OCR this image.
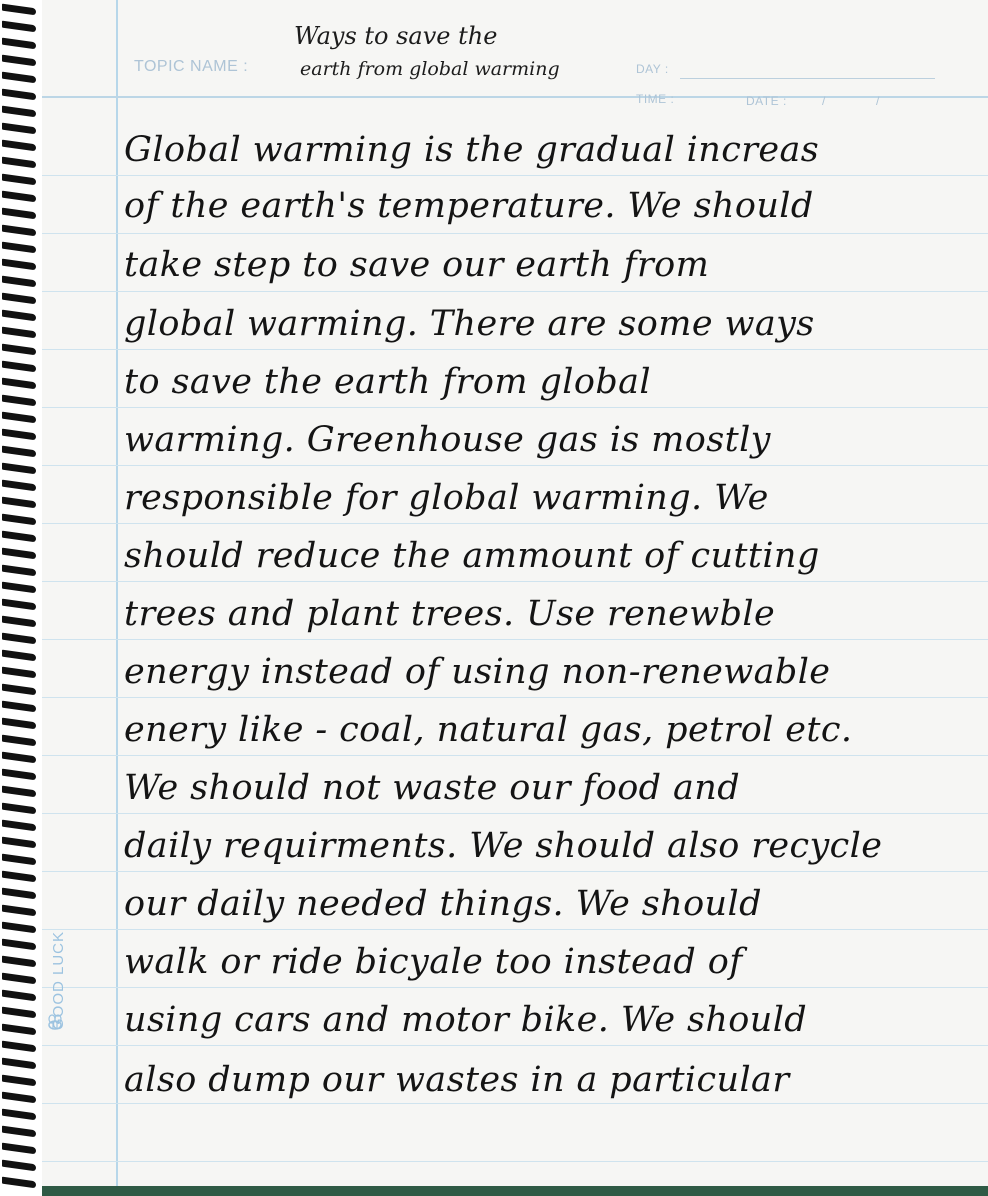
TOPIC NAME :
Ways to save the
earth from global warming	DAY :
TIME :	DATE :	/	/
Global warming is the gradual increas
of the earth's temperature. We should
take step to save our earth from
global warming. There are some ways
to save the earth from global
warming. Greenhouse gas is mostly
responsible for global warming. We
should reduce the ammount of cutting
trees and plant trees. Use renewble
energy instead of using non-renewable
enery like - coal, natural gas, petrol etc.
We should not waste our food and
daily requirments. We should also recycle
our daily needed things. We should
walk or ride bicyale too instead of
using cars and motor bike. We should
also dump our wastes in a particular
GOOD LUCK
